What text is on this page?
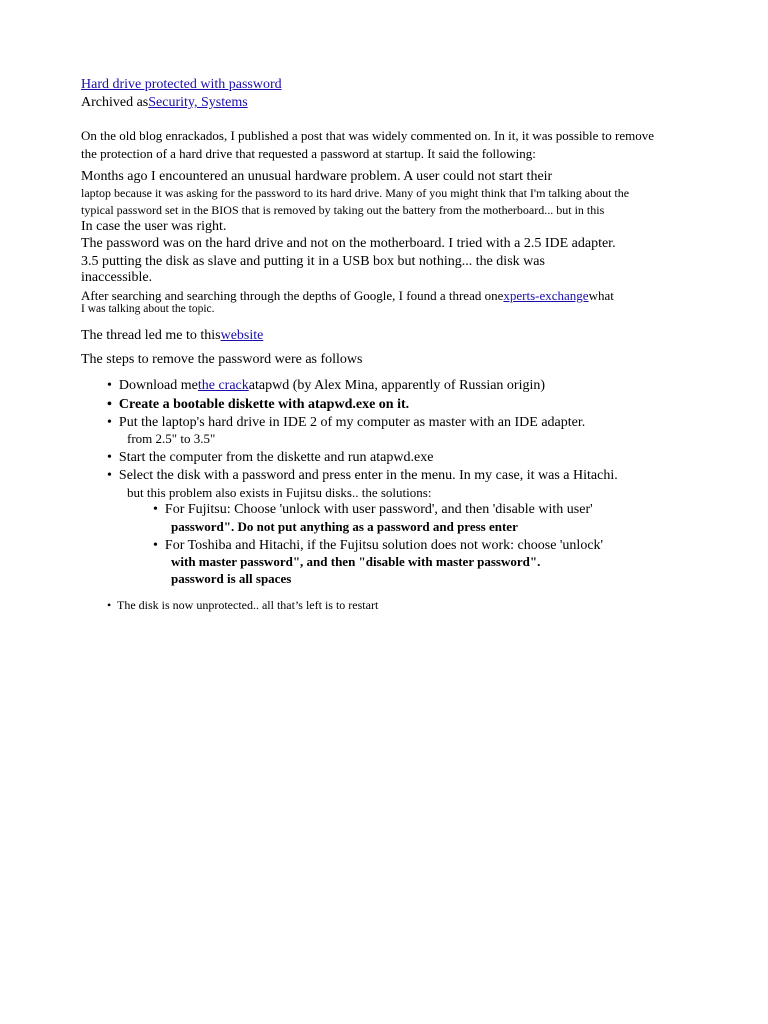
Hard drive protected with password
Archived asSecurity, Systems
On the old blog enrackados, I published a post that was widely commented on. In it, it was possible to remove
the protection of a hard drive that requested a password at startup. It said the following:
Months ago I encountered an unusual hardware problem. A user could not start their
laptop because it was asking for the password to its hard drive. Many of you might think that I'm talking about the
typical password set in the BIOS that is removed by taking out the battery from the motherboard... but in this
In case the user was right.
The password was on the hard drive and not on the motherboard. I tried with a 2.5 IDE adapter.
3.5 putting the disk as slave and putting it in a USB box but nothing... the disk was
inaccessible.
After searching and searching through the depths of Google, I found a thread onexperts-exchangewhat
I was talking about the topic.
The thread led me to thiswebsite
The steps to remove the password were as follows
• Download methe crackatapwd (by Alex Mina, apparently of Russian origin)
• Create a bootable diskette with atapwd.exe on it.
• Put the laptop's hard drive in IDE 2 of my computer as master with an IDE adapter.
from 2.5" to 3.5"
• Start the computer from the diskette and run atapwd.exe
• Select the disk with a password and press enter in the menu. In my case, it was a Hitachi.
but this problem also exists in Fujitsu disks.. the solutions:
• For Fujitsu: Choose 'unlock with user password', and then 'disable with user'
password". Do not put anything as a password and press enter
• For Toshiba and Hitachi, if the Fujitsu solution does not work: choose 'unlock'
with master password", and then "disable with master password".
password is all spaces
• The disk is now unprotected.. all that’s left is to restart
